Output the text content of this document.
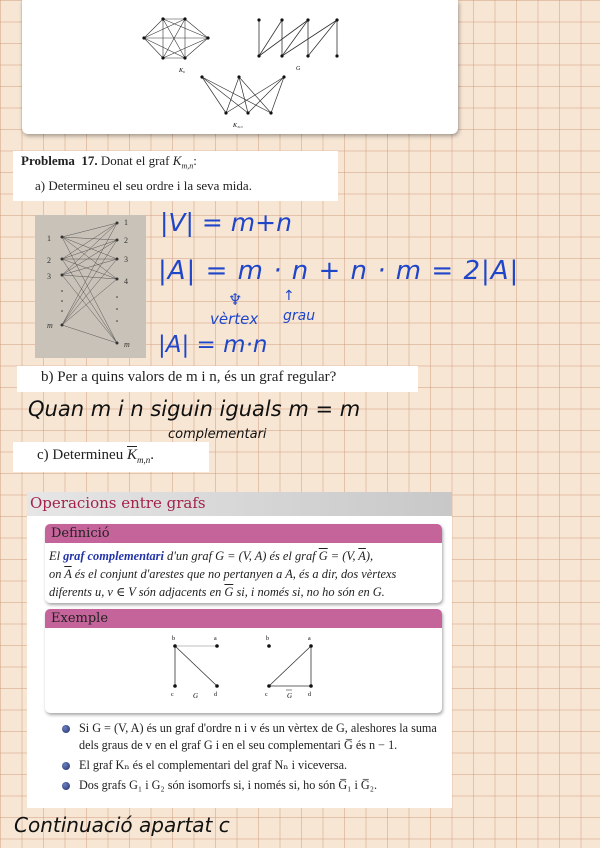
K₆	G
K₃,₃
Problema 17. Donat el graf $K_{m,n}$:
a) Determineu el seu ordre i la seva mida.
1
2
3
m
1
2
3
4
m
|V| = m+n
|A| = m · n + n · m = 2|A|
♆	↑
vèrtex grau
|A| = m·n
b) Per a quins valors de m i n, és un graf regular?
Quan m i n siguin iguals m = m
complementari
c) Determineu $\overline{K}_{m,n}$.
Operacions entre grafs
Definició
El graf complementari d'un graf G = (V, A) és el graf $\overline{G} = (V$, $\overline{A}$),
on $\overline{A}$ és el conjunt d'arestes que no pertanyen a A, és a dir, dos vèrtexs
diferents u, v ∈ V són adjacents en $\overline{G}$ si, i només si, no ho són en G.
Exemple
b	a
c	d
G
b	a
c	d
G
Si G = (V, A) és un graf d'ordre n i v és un vèrtex de G, aleshores la suma dels graus de v en el graf G i en el seu complementari G̅ és n − 1.
El graf Kₙ és el complementari del graf Nₙ i viceversa.
Dos grafs G₁ i G₂ són isomorfs si, i només si, ho són G̅₁ i G̅₂.
Continuació apartat c
